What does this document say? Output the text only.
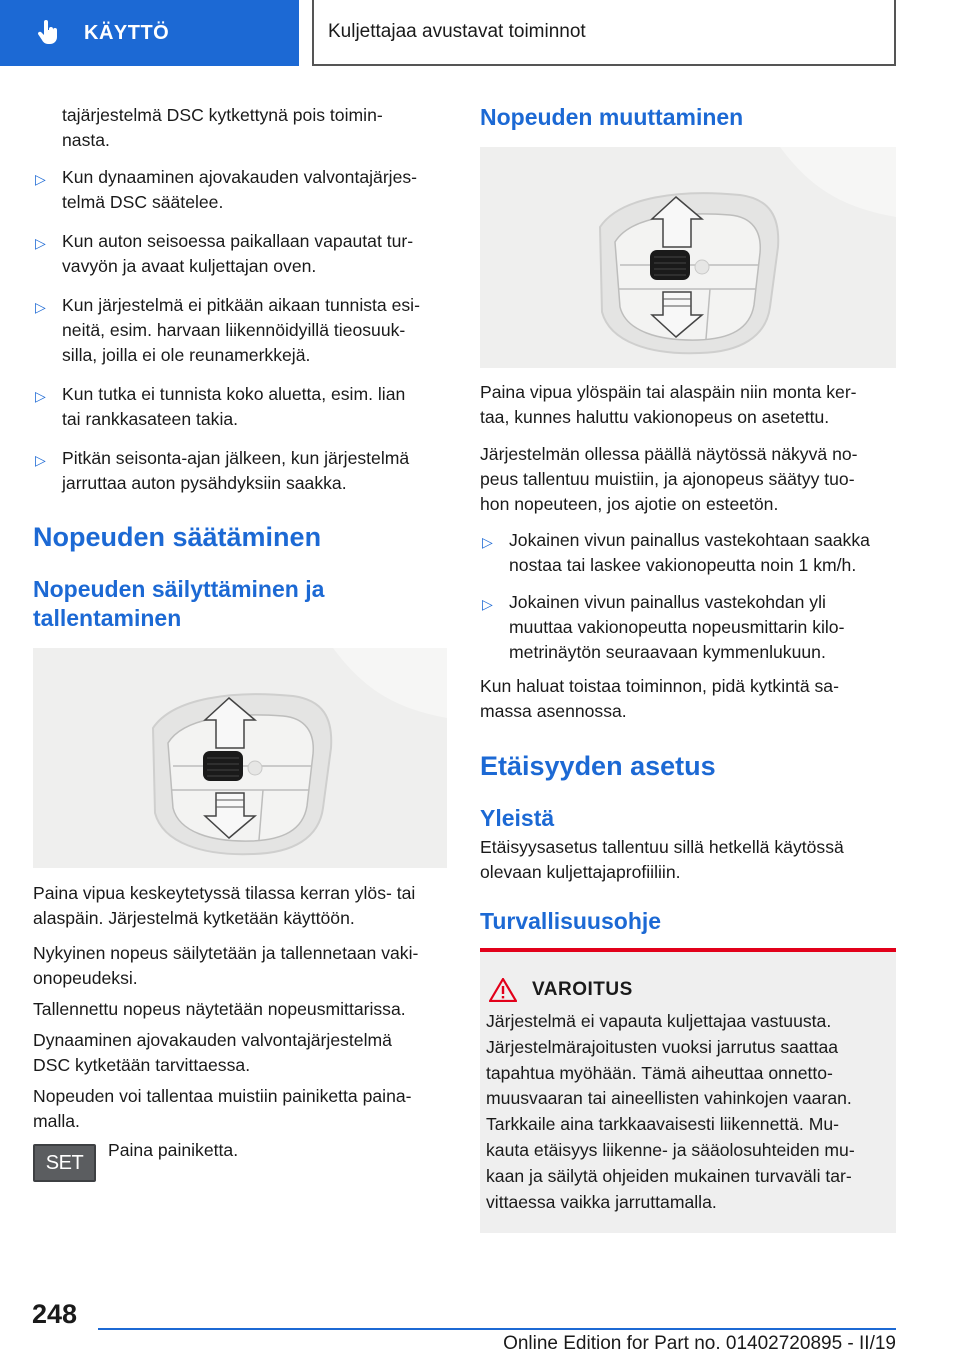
KÄYTTÖ	Kuljettajaa avustavat toiminnot

tajärjestelmä DSC kytkettynä pois toimin-
nasta.

▷ Kun dynaaminen ajovakauden valvontajärjes-
telmä DSC säätelee.
▷ Kun auton seisoessa paikallaan vapautat tur-
vavyön ja avaat kuljettajan oven.
▷ Kun järjestelmä ei pitkään aikaan tunnista esi-
neitä, esim. harvaan liikennöidyillä tieosuuk-
silla, joilla ei ole reunamerkkejä.
▷ Kun tutka ei tunnista koko aluetta, esim. lian
tai rankkasateen takia.
▷ Pitkän seisonta-ajan jälkeen, kun järjestelmä
jarruttaa auton pysähdyksiin saakka.
Nopeuden säätäminen
Nopeuden säilyttäminen ja
tallentaminen

Paina vipua keskeytetyssä tilassa kerran ylös- tai
alaspäin. Järjestelmä kytketään käyttöön.

Nykyinen nopeus säilytetään ja tallennetaan vaki-
onopeudeksi.

Tallennettu nopeus näytetään nopeusmittarissa.

Dynaaminen ajovakauden valvontajärjestelmä
DSC kytketään tarvittaessa.

Nopeuden voi tallentaa muistiin painiketta paina-
malla.

SET

Paina painiketta.

Nopeuden muuttaminen

Paina vipua ylöspäin tai alaspäin niin monta ker-
taa, kunnes haluttu vakionopeus on asetettu.

Järjestelmän ollessa päällä näytössä näkyvä no-
peus tallentuu muistiin, ja ajonopeus säätyy tuo-
hon nopeuteen, jos ajotie on esteetön.

▷ Jokainen vivun painallus vastekohtaan saakka
nostaa tai laskee vakionopeutta noin 1 km/h.
▷ Jokainen vivun painallus vastekohdan yli
muuttaa vakionopeutta nopeusmittarin kilo-
metrinäytön seuraavaan kymmenlukuun.

Kun haluat toistaa toiminnon, pidä kytkintä sa-
massa asennossa.

Etäisyyden asetus
Yleistä

Etäisyysasetus tallentuu sillä hetkellä käytössä
olevaan kuljettajaprofiiliin.

Turvallisuusohje
VAROITUS

Järjestelmä ei vapauta kuljettajaa vastuusta.
Järjestelmärajoitusten vuoksi jarrutus saattaa
tapahtua myöhään. Tämä aiheuttaa onnetto-
muusvaaran tai aineellisten vahinkojen vaaran.
Tarkkaile aina tarkkaavaisesti liikennettä. Mu-
kauta etäisyys liikenne- ja sääolosuhteiden mu-
kaan ja säilytä ohjeiden mukainen turvaväli tar-
vittaessa vaikka jarruttamalla.

248
Online Edition for Part no. 01402720895 - II/19
